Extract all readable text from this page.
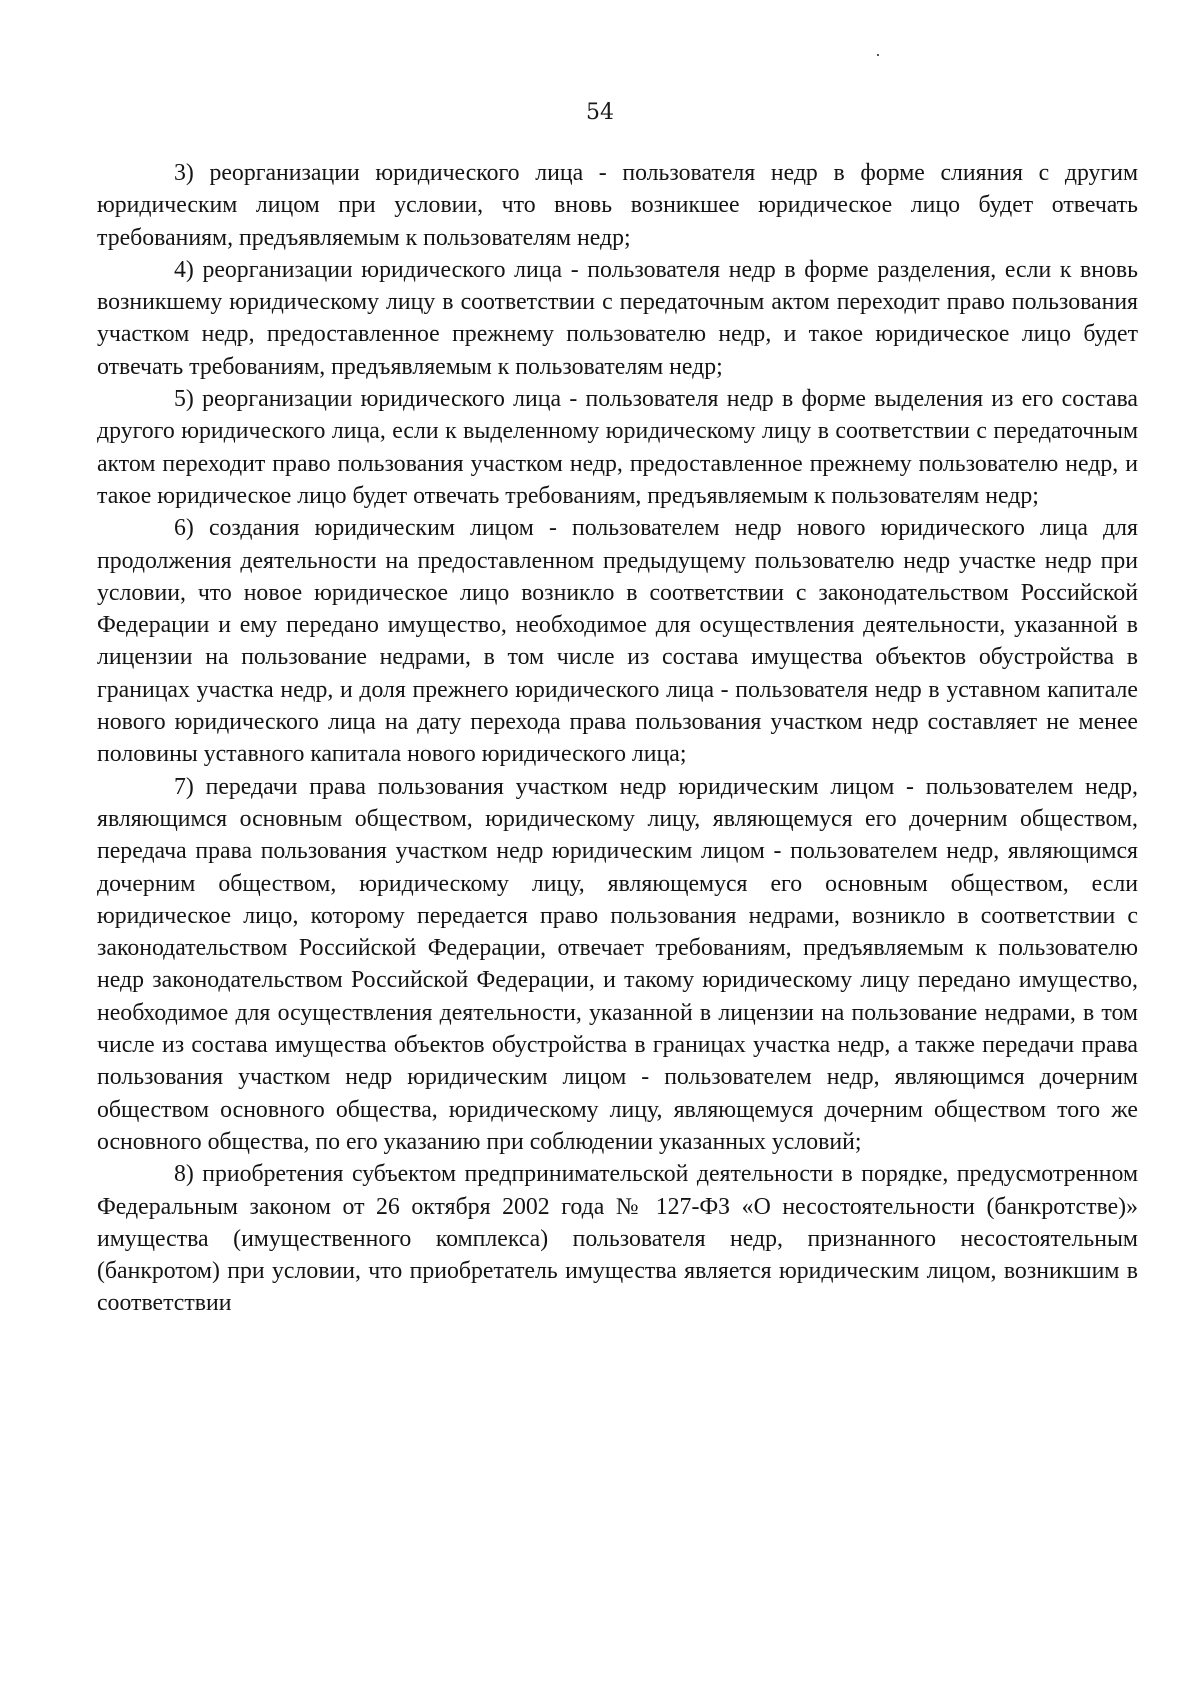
54

3) реорганизации юридического лица - пользователя недр в форме слияния с другим юридическим лицом при условии, что вновь возникшее юридическое лицо будет отвечать требованиям, предъявляемым к пользователям недр;

4) реорганизации юридического лица - пользователя недр в форме разделения, если к вновь возникшему юридическому лицу в соответствии с передаточным актом переходит право пользования участком недр, предоставленное прежнему пользователю недр, и такое юридическое лицо будет отвечать требованиям, предъявляемым к пользователям недр;

5) реорганизации юридического лица - пользователя недр в форме выделения из его состава другого юридического лица, если к выделенному юридическому лицу в соответствии с передаточным актом переходит право пользования участком недр, предоставленное прежнему пользователю недр, и такое юридическое лицо будет отвечать требованиям, предъявляемым к пользователям недр;

6) создания юридическим лицом - пользователем недр нового юридического лица для продолжения деятельности на предоставленном предыдущему пользователю недр участке недр при условии, что новое юридическое лицо возникло в соответствии с законодательством Российской Федерации и ему передано имущество, необходимое для осуществления деятельности, указанной в лицензии на пользование недрами, в том числе из состава имущества объектов обустройства в границах участка недр, и доля прежнего юридического лица - пользователя недр в уставном капитале нового юридического лица на дату перехода права пользования участком недр составляет не менее половины уставного капитала нового юридического лица;

7) передачи права пользования участком недр юридическим лицом - пользователем недр, являющимся основным обществом, юридическому лицу, являющемуся его дочерним обществом, передача права пользования участком недр юридическим лицом - пользователем недр, являющимся дочерним обществом, юридическому лицу, являющемуся его основным обществом, если юридическое лицо, которому передается право пользования недрами, возникло в соответствии с законодательством Российской Федерации, отвечает требованиям, предъявляемым к пользователю недр законодательством Российской Федерации, и такому юридическому лицу передано имущество, необходимое для осуществления деятельности, указанной в лицензии на пользование недрами, в том числе из состава имущества объектов обустройства в границах участка недр, а также передачи права пользования участком недр юридическим лицом - пользователем недр, являющимся дочерним обществом основного общества, юридическому лицу, являющемуся дочерним обществом того же основного общества, по его указанию при соблюдении указанных условий;

8) приобретения субъектом предпринимательской деятельности в порядке, предусмотренном Федеральным законом от 26 октября 2002 года № 127-ФЗ «О несостоятельности (банкротстве)» имущества (имущественного комплекса) пользователя недр, признанного несостоятельным (банкротом) при условии, что приобретатель имущества является юридическим лицом, возникшим в соответствии
